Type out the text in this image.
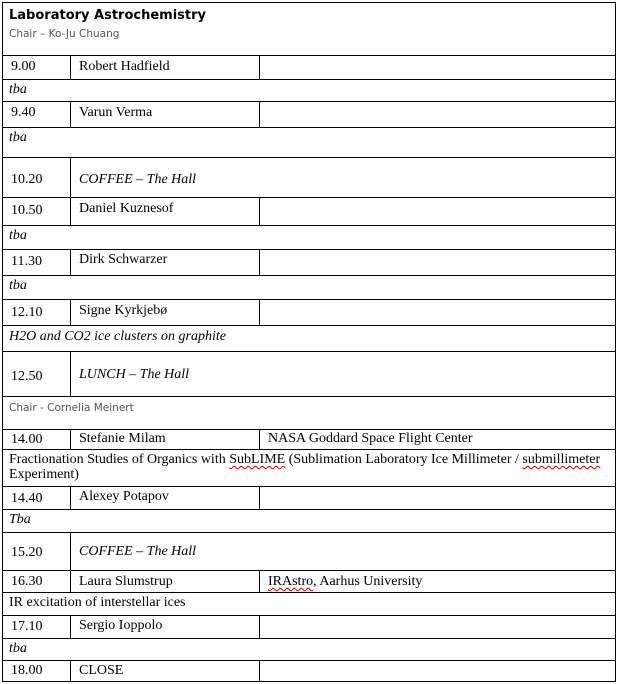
Laboratory Astrochemistry
Chair – Ko-Ju Chuang
9.00	Robert Hadfield
tba
9.40	Varun Verma
tba
10.20	COFFEE – The Hall
10.50	Daniel Kuznesof
tba
11.30	Dirk Schwarzer
tba
12.10	Signe Kyrkjebø
H2O and CO2 ice clusters on graphite
12.50	LUNCH – The Hall
Chair - Cornelia Meinert
14.00	Stefanie Milam	NASA Goddard Space Flight Center
Fractionation Studies of Organics with SubLIME (Sublimation Laboratory Ice Millimeter / submillimeter Experiment)
14.40	Alexey Potapov
Tba
15.20	COFFEE – The Hall
16.30	Laura Slumstrup	IRAstro, Aarhus University
IR excitation of interstellar ices
17.10	Sergio Ioppolo
tba
18.00	CLOSE
